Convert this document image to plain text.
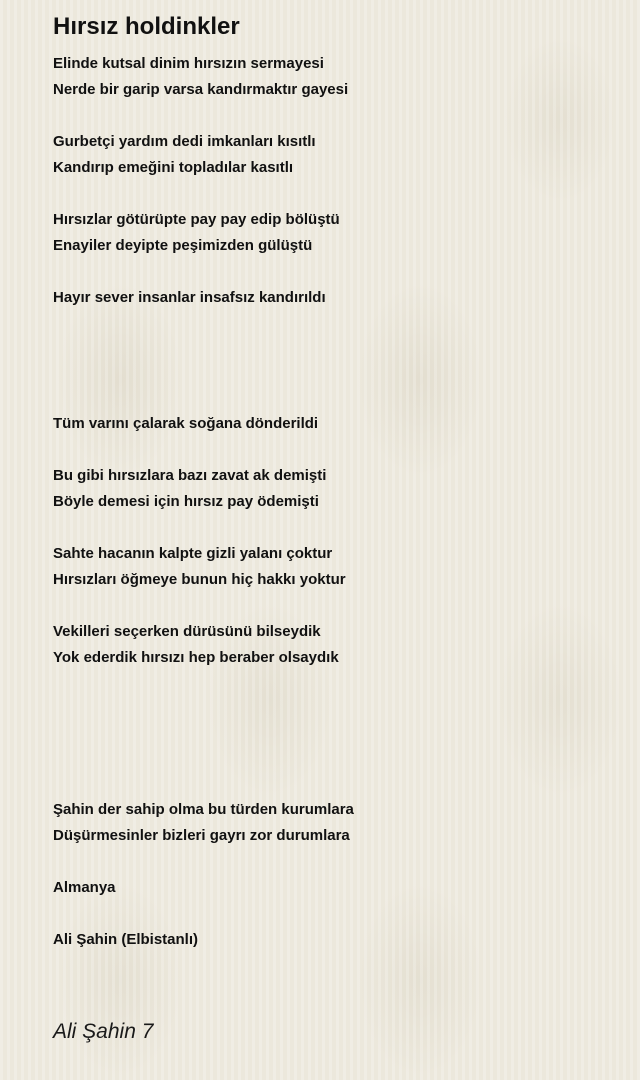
Hırsız holdinkler
Elinde kutsal dinim hırsızın sermayesi
Nerde bir garip varsa kandırmaktır gayesi
Gurbetçi yardım dedi imkanları kısıtlı
Kandırıp emeğini topladılar kasıtlı
Hırsızlar götürüpte pay pay edip bölüştü
Enayiler deyipte peşimizden gülüştü
Hayır sever insanlar insafsız kandırıldı
Tüm varını çalarak soğana dönderildi
Bu gibi hırsızlara bazı zavat ak demişti
Böyle demesi için hırsız pay ödemişti
Sahte hacanın kalpte gizli yalanı çoktur
Hırsızları öğmeye bunun hiç hakkı yoktur
Vekilleri seçerken dürüsünü bilseydik
Yok ederdik hırsızı hep beraber olsaydık
Şahin der sahip olma bu türden kurumlara
Düşürmesinler bizleri gayrı zor durumlara
Almanya
Ali Şahin (Elbistanlı)
Ali Şahin 7
